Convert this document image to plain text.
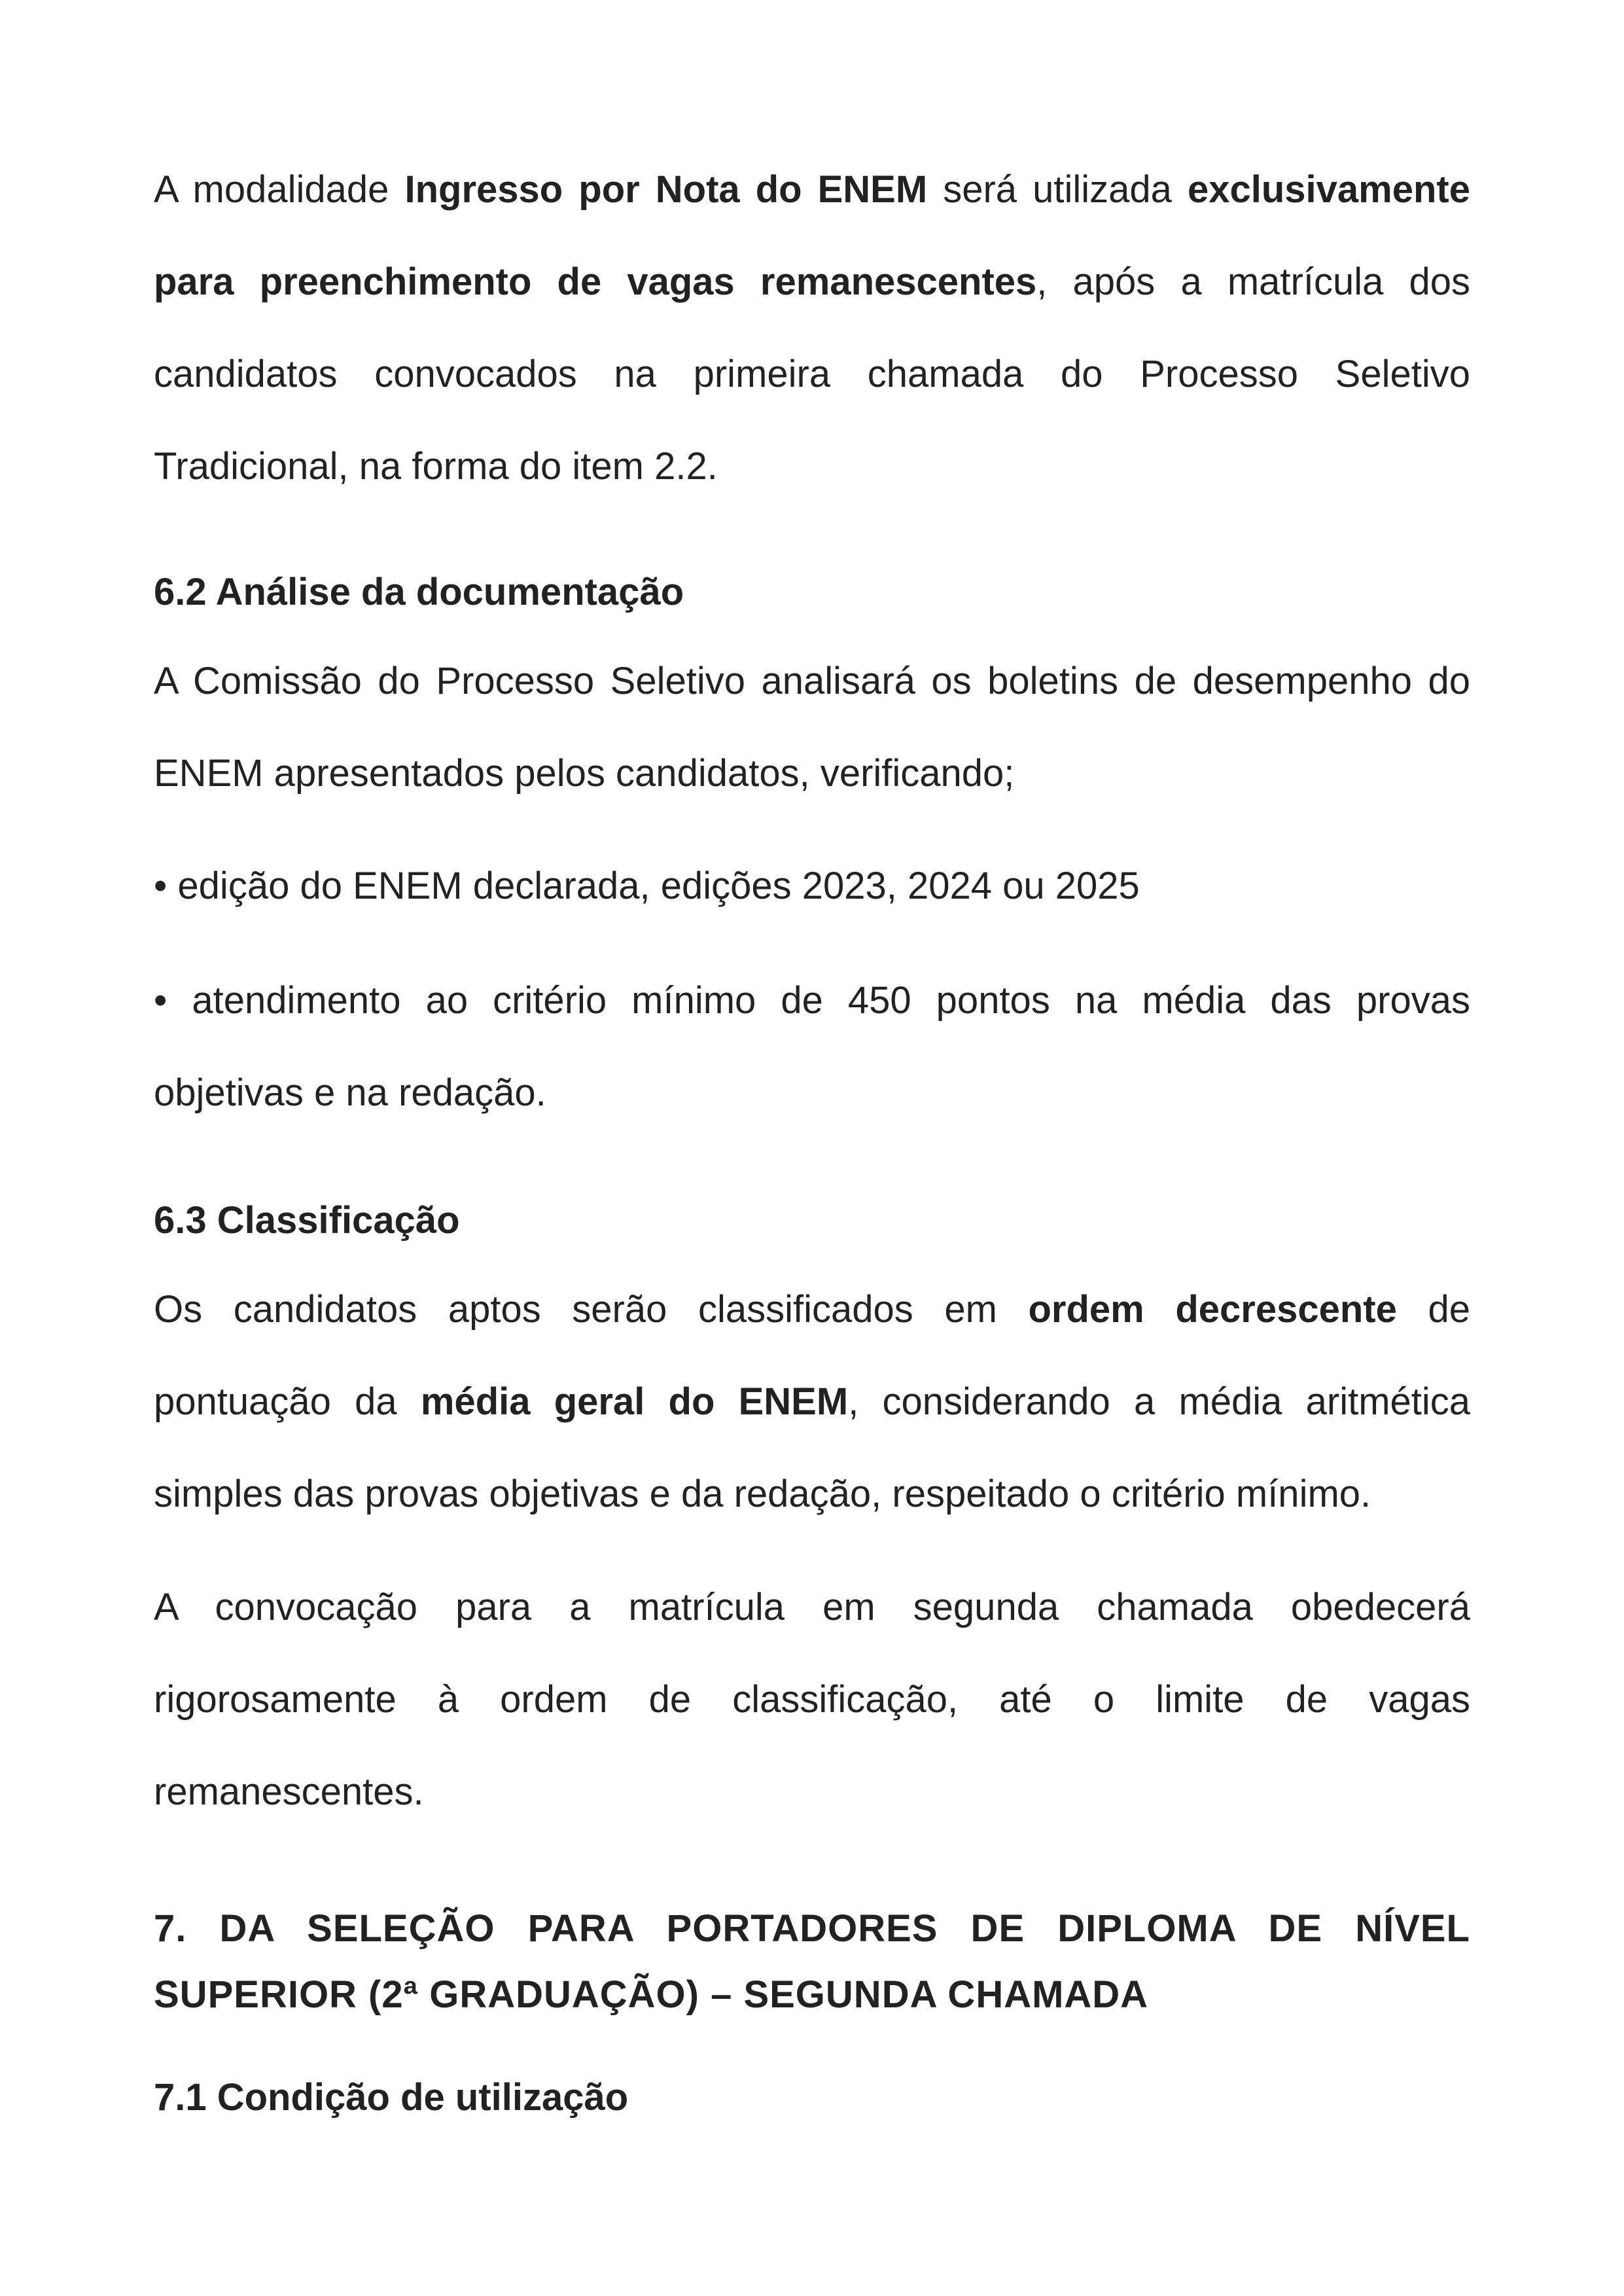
A modalidade Ingresso por Nota do ENEM será utilizada exclusivamente para preenchimento de vagas remanescentes, após a matrícula dos candidatos convocados na primeira chamada do Processo Seletivo Tradicional, na forma do item 2.2.

6.2 Análise da documentação

A Comissão do Processo Seletivo analisará os boletins de desempenho do ENEM apresentados pelos candidatos, verificando;

• edição do ENEM declarada, edições 2023, 2024 ou 2025

• atendimento ao critério mínimo de 450 pontos na média das provas objetivas e na redação.

6.3 Classificação

Os candidatos aptos serão classificados em ordem decrescente de pontuação da média geral do ENEM, considerando a média aritmética simples das provas objetivas e da redação, respeitado o critério mínimo.

A convocação para a matrícula em segunda chamada obedecerá rigorosamente à ordem de classificação, até o limite de vagas remanescentes.

7. DA SELEÇÃO PARA PORTADORES DE DIPLOMA DE NÍVEL SUPERIOR (2ª GRADUAÇÃO) – SEGUNDA CHAMADA
7.1 Condição de utilização
